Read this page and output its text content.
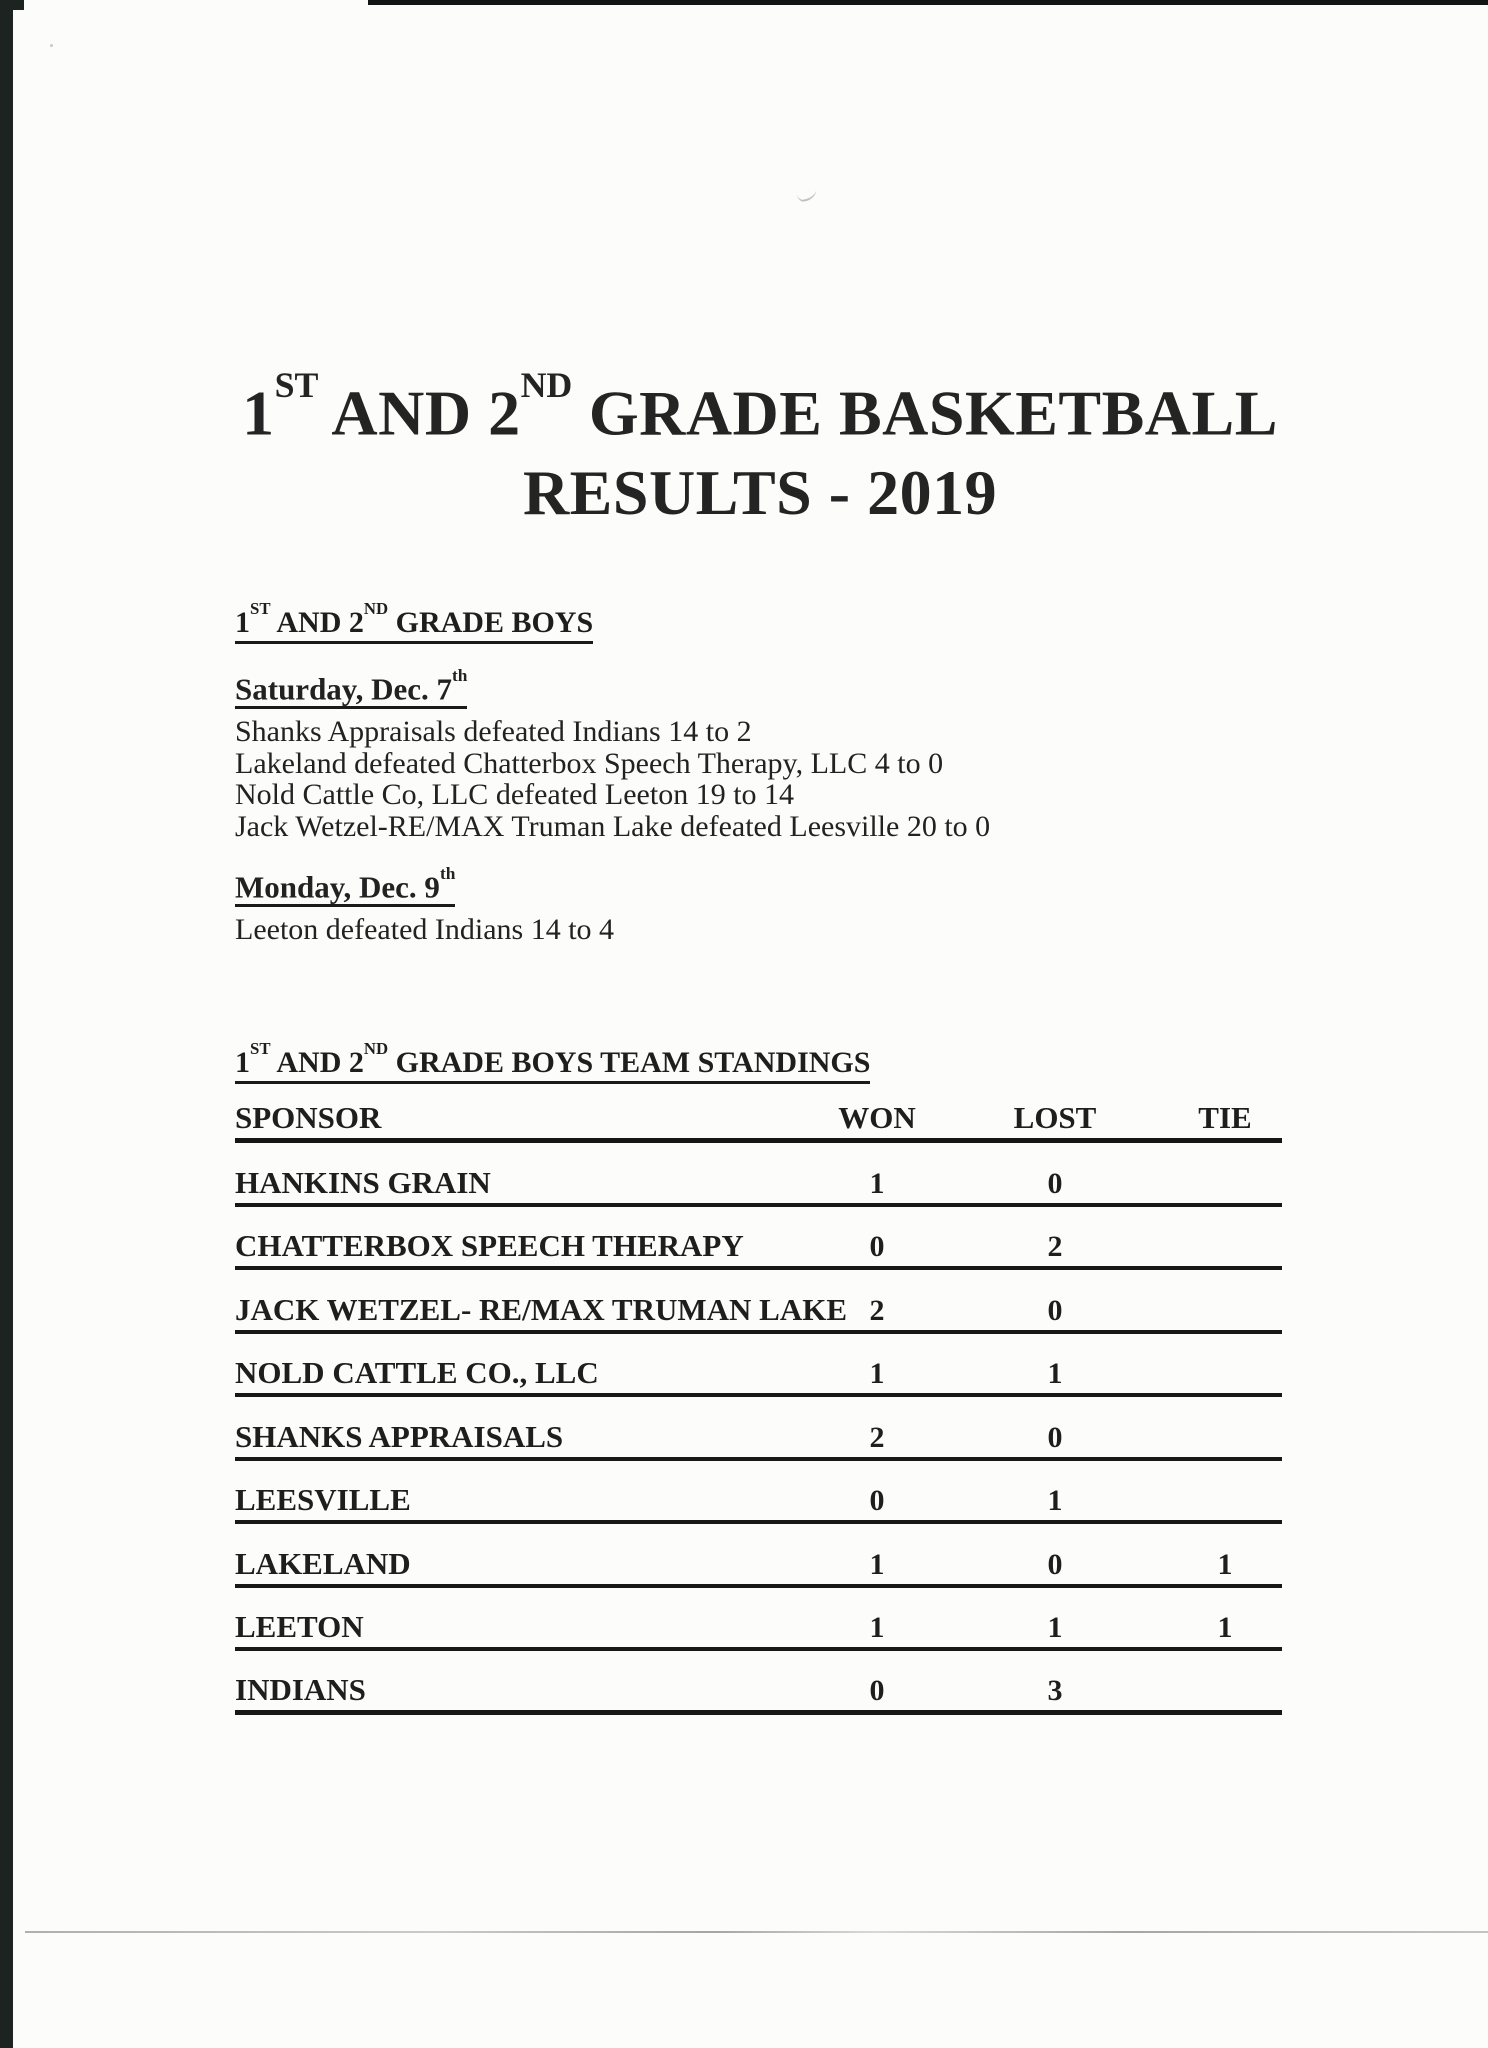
1ST AND 2ND GRADE BASKETBALL
RESULTS - 2019
1ST AND 2ND GRADE BOYS
Saturday, Dec. 7th
Shanks Appraisals defeated Indians 14 to 2
Lakeland defeated Chatterbox Speech Therapy, LLC 4 to 0
Nold Cattle Co, LLC defeated Leeton 19 to 14
Jack Wetzel-RE/MAX Truman Lake defeated Leesville 20 to 0
Monday, Dec. 9th
Leeton defeated Indians 14 to 4
1ST AND 2ND GRADE BOYS TEAM STANDINGS
SPONSOR	WON	LOST	TIE
HANKINS GRAIN	1	0
CHATTERBOX SPEECH THERAPY	0	2
JACK WETZEL- RE/MAX TRUMAN LAKE 2	0
NOLD CATTLE CO., LLC	1	1
SHANKS APPRAISALS	2	0
LEESVILLE	0	1
LAKELAND	1	0	1
LEETON	1	1	1
INDIANS	0	3
